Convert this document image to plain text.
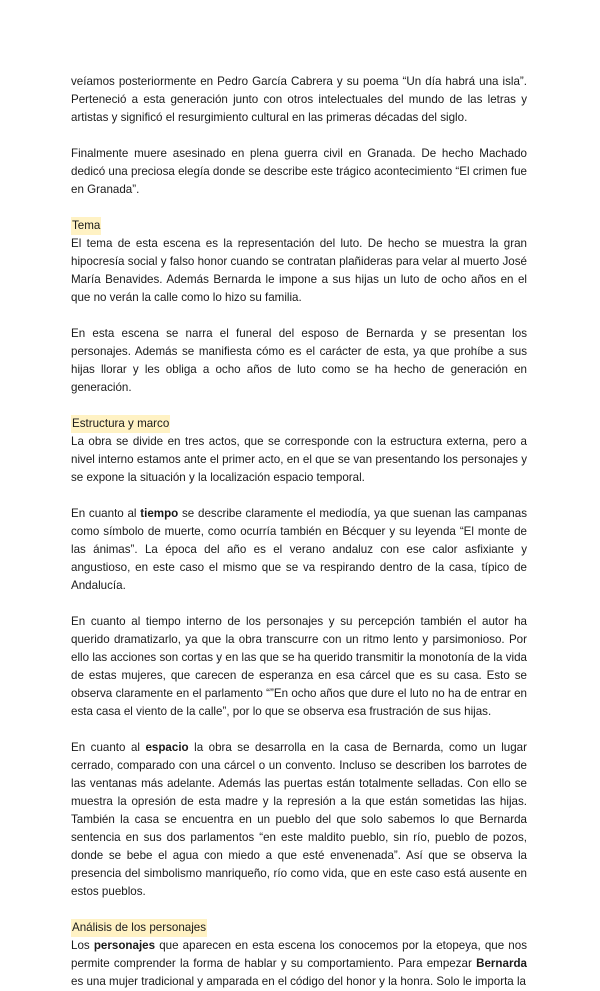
veíamos posteriormente en Pedro García Cabrera y su poema “Un día habrá una isla”. Perteneció a esta generación junto con otros intelectuales del mundo de las letras y artistas y significó el resurgimiento cultural en las primeras décadas del siglo.

Finalmente muere asesinado en plena guerra civil en Granada. De hecho Machado dedicó una preciosa elegía donde se describe este trágico acontecimiento “El crimen fue en Granada”.

Tema

El tema de esta escena es la representación del luto. De hecho se muestra la gran hipocresía social y falso honor cuando se contratan plañideras para velar al muerto José María Benavides. Además Bernarda le impone a sus hijas un luto de ocho años en el que no verán la calle como lo hizo su familia.

En esta escena se narra el funeral del esposo de Bernarda y se presentan los personajes. Además se manifiesta cómo es el carácter de esta, ya que prohíbe a sus hijas llorar y les obliga a ocho años de luto como se ha hecho de generación en generación.

Estructura y marco

La obra se divide en tres actos, que se corresponde con la estructura externa, pero a nivel interno estamos ante el primer acto, en el que se van presentando los personajes y se expone la situación y la localización espacio temporal.

En cuanto al tiempo se describe claramente el mediodía, ya que suenan las campanas como símbolo de muerte, como ocurría también en Bécquer y su leyenda “El monte de las ánimas”. La época del año es el verano andaluz con ese calor asfixiante y angustioso, en este caso el mismo que se va respirando dentro de la casa, típico de Andalucía.

En cuanto al tiempo interno de los personajes y su percepción también el autor ha querido dramatizarlo, ya que la obra transcurre con un ritmo lento y parsimonioso. Por ello las acciones son cortas y en las que se ha querido transmitir la monotonía de la vida de estas mujeres, que carecen de esperanza en esa cárcel que es su casa. Esto se observa claramente en el parlamento “”En ocho años que dure el luto no ha de entrar en esta casa el viento de la calle”, por lo que se observa esa frustración de sus hijas.

En cuanto al espacio la obra se desarrolla en la casa de Bernarda, como un lugar cerrado, comparado con una cárcel o un convento. Incluso se describen los barrotes de las ventanas más adelante. Además las puertas están totalmente selladas. Con ello se muestra la opresión de esta madre y la represión a la que están sometidas las hijas. También la casa se encuentra en un pueblo del que solo sabemos lo que Bernarda sentencia en sus dos parlamentos “en este maldito pueblo, sin río, pueblo de pozos, donde se bebe el agua con miedo a que esté envenenada”. Así que se observa la presencia del simbolismo manriqueño, río como vida, que en este caso está ausente en estos pueblos.

Análisis de los personajes

Los personajes que aparecen en esta escena los conocemos por la etopeya, que nos permite comprender la forma de hablar y su comportamiento. Para empezar Bernarda es una mujer tradicional y amparada en el código del honor y la honra. Solo le importa la
